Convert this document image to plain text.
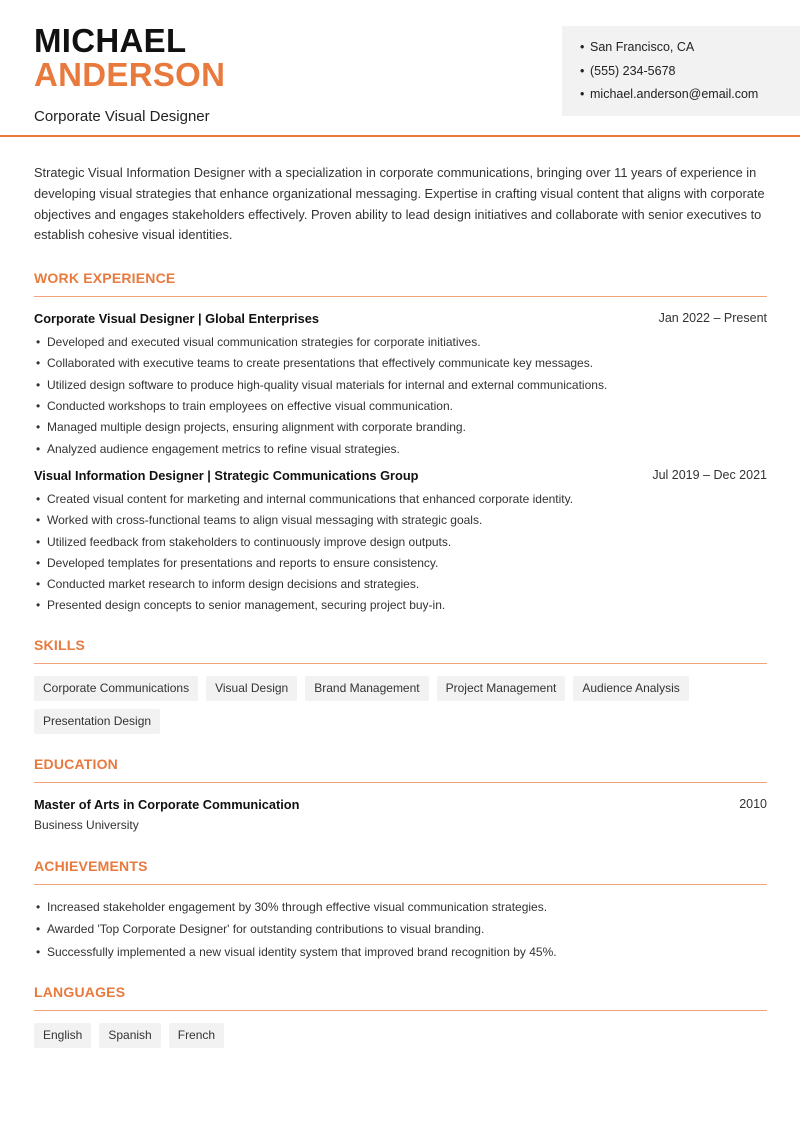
MICHAEL
ANDERSON
Corporate Visual Designer
•
San Francisco, CA
•
(555) 234-5678
•
michael.anderson@email.com

Strategic Visual Information Designer with a specialization in corporate communications, bringing over 11 years of experience in developing visual strategies that enhance organizational messaging. Expertise in crafting visual content that aligns with corporate objectives and engages stakeholders effectively. Proven ability to lead design initiatives and collaborate with senior executives to establish cohesive visual identities.

WORK EXPERIENCE
Corporate Visual Designer | Global Enterprises	Jan 2022 – Present
•
Developed and executed visual communication strategies for corporate initiatives.
•
Collaborated with executive teams to create presentations that effectively communicate key messages.
•
Utilized design software to produce high-quality visual materials for internal and external communications.
•
Conducted workshops to train employees on effective visual communication.
•
Managed multiple design projects, ensuring alignment with corporate branding.
•
Analyzed audience engagement metrics to refine visual strategies.
Visual Information Designer | Strategic Communications Group	Jul 2019 – Dec 2021
•
Created visual content for marketing and internal communications that enhanced corporate identity.
•
Worked with cross-functional teams to align visual messaging with strategic goals.
•
Utilized feedback from stakeholders to continuously improve design outputs.
•
Developed templates for presentations and reports to ensure consistency.
•
Conducted market research to inform design decisions and strategies.
•
Presented design concepts to senior management, securing project buy-in.
SKILLS
Corporate Communications	Visual Design	Brand Management	Project Management	Audience Analysis
Presentation Design
EDUCATION
Master of Arts in Corporate Communication	2010
Business University
ACHIEVEMENTS
•
Increased stakeholder engagement by 30% through effective visual communication strategies.
•
Awarded 'Top Corporate Designer' for outstanding contributions to visual branding.
•
Successfully implemented a new visual identity system that improved brand recognition by 45%.
LANGUAGES
English	Spanish	French
